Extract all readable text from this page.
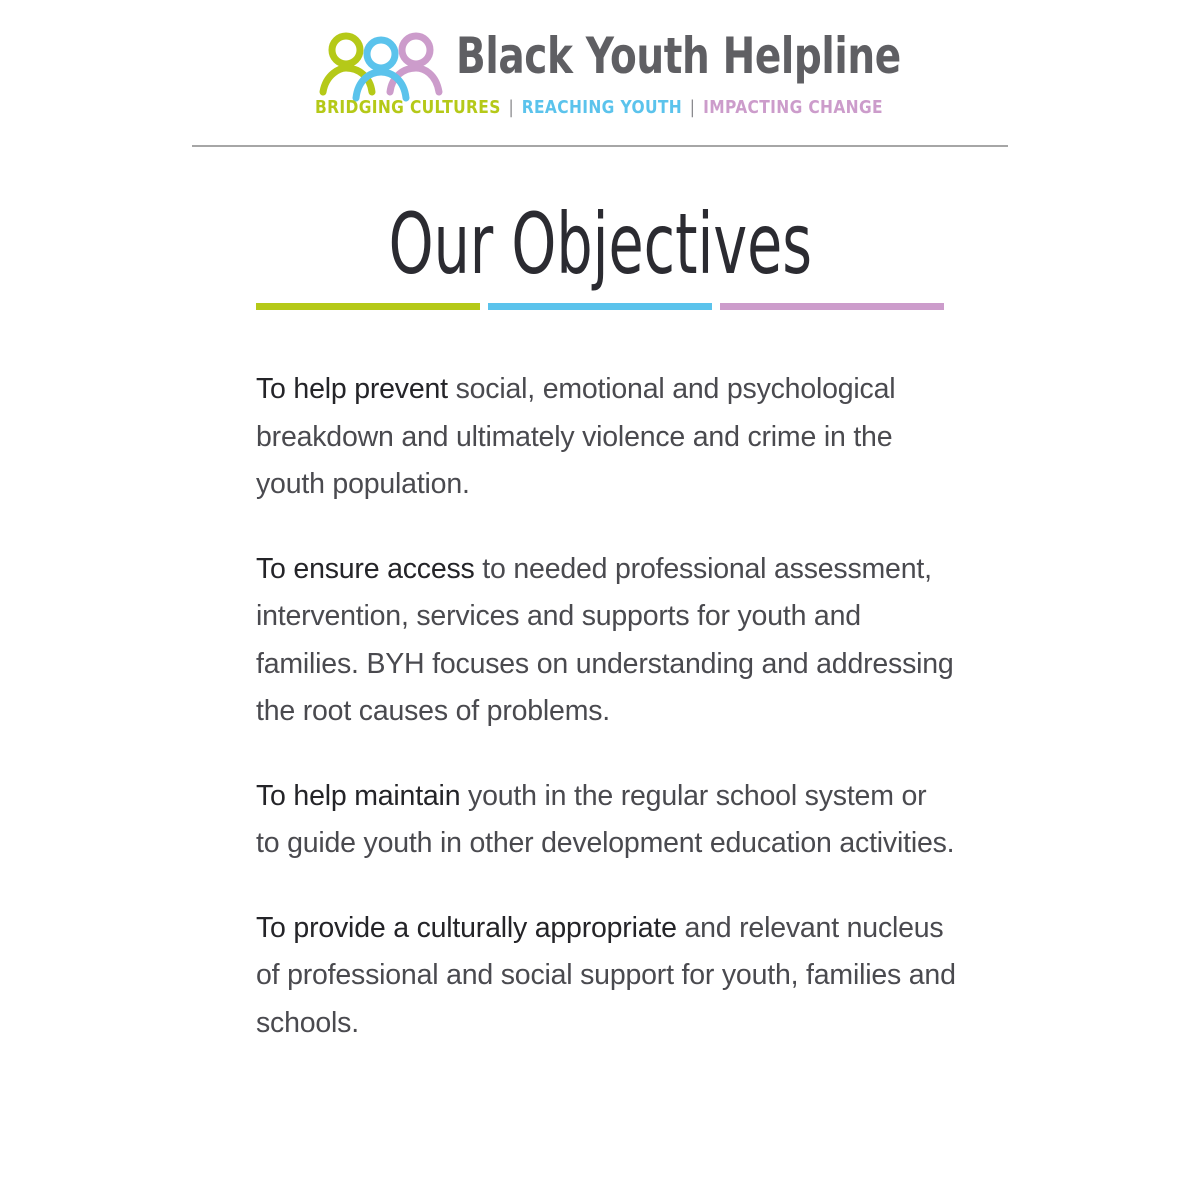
Black Youth Helpline
BRIDGING CULTURES | REACHING YOUTH | IMPACTING CHANGE
Our Objectives

To help prevent social, emotional and psychological breakdown and ultimately violence and crime in the youth population.

To ensure access to needed professional assessment, intervention, services and supports for youth and families. BYH focuses on understanding and addressing the root causes of problems.

To help maintain youth in the regular school system or to guide youth in other development education activities.

To provide a culturally appropriate and relevant nucleus of professional and social support for youth, families and schools.
